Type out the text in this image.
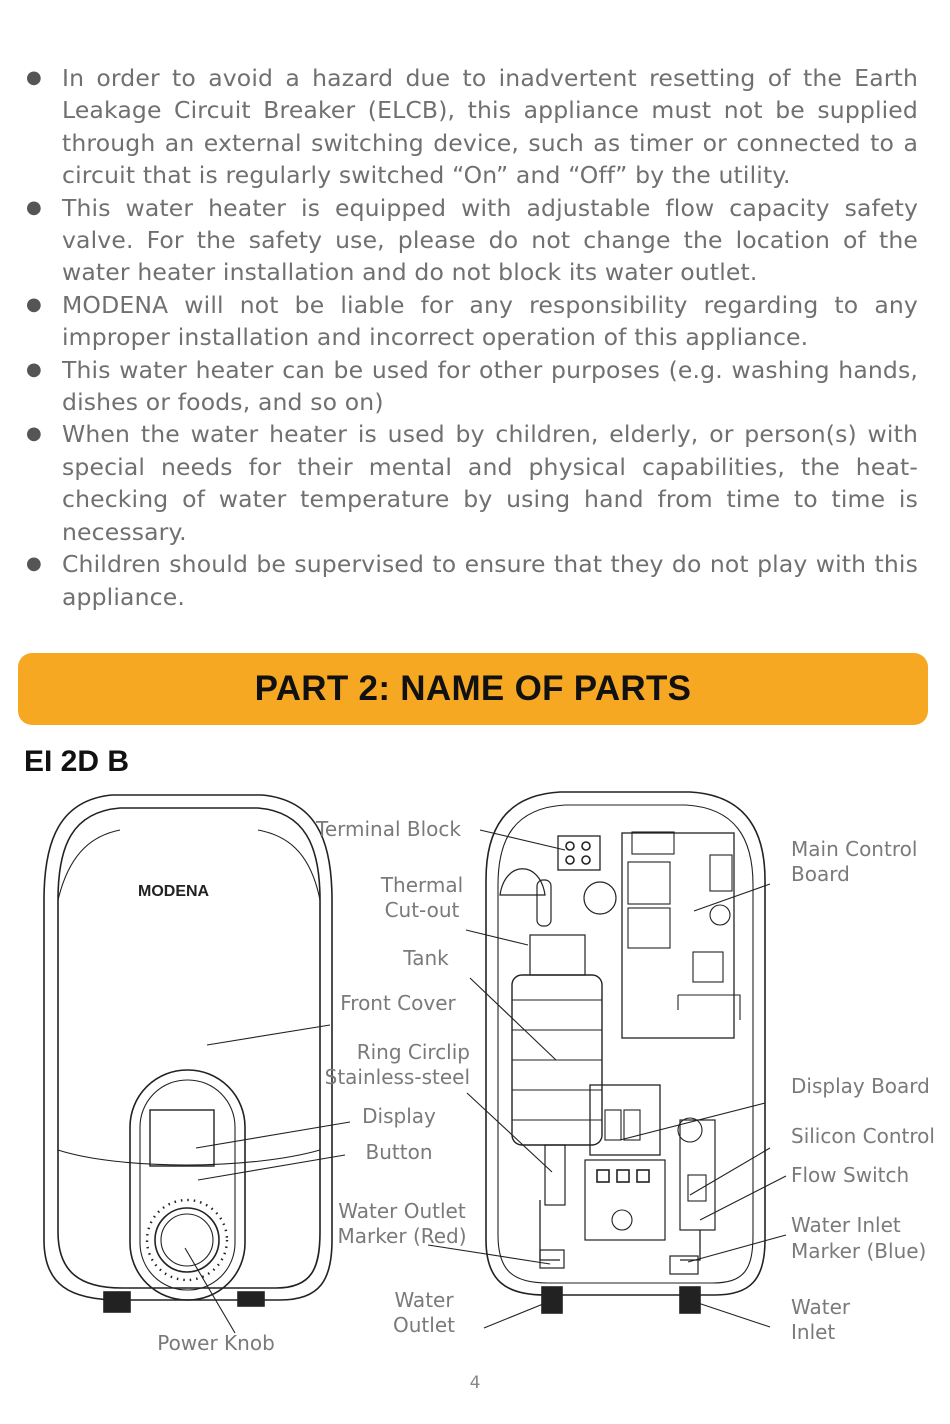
● In order to avoid a hazard due to inadvertent resetting of the Earth Leakage Circuit Breaker (ELCB), this appliance must not be supplied through an external switching device, such as timer or connected to a circuit that is regularly switched “On” and “Off” by the utility.
● This water heater is equipped with adjustable flow capacity safety valve. For the safety use, please do not change the location of the water heater installation and do not block its water outlet.
● MODENA will not be liable for any responsibility regarding to any improper installation and incorrect operation of this appliance.
● This water heater can be used for other purposes (e.g. washing hands, dishes or foods, and so on)
● When the water heater is used by children, elderly, or person(s) with special needs for their mental and physical capabilities, the heat-checking of water temperature by using hand from time to time is necessary.
● Children should be supervised to ensure that they do not play with this appliance.
PART 2: NAME OF PARTS
EI 2D B
MODENA
Terminal Block
Thermal
Cut-out
Tank
Front Cover
Ring Circlip
Stainless-steel
Display
Button
Water Outlet
Marker (Red)
Water
Outlet
Power Knob
Main Control
Board
Display Board
Silicon Control
Flow Switch
Water Inlet
Marker (Blue)
Water
Inlet
4
